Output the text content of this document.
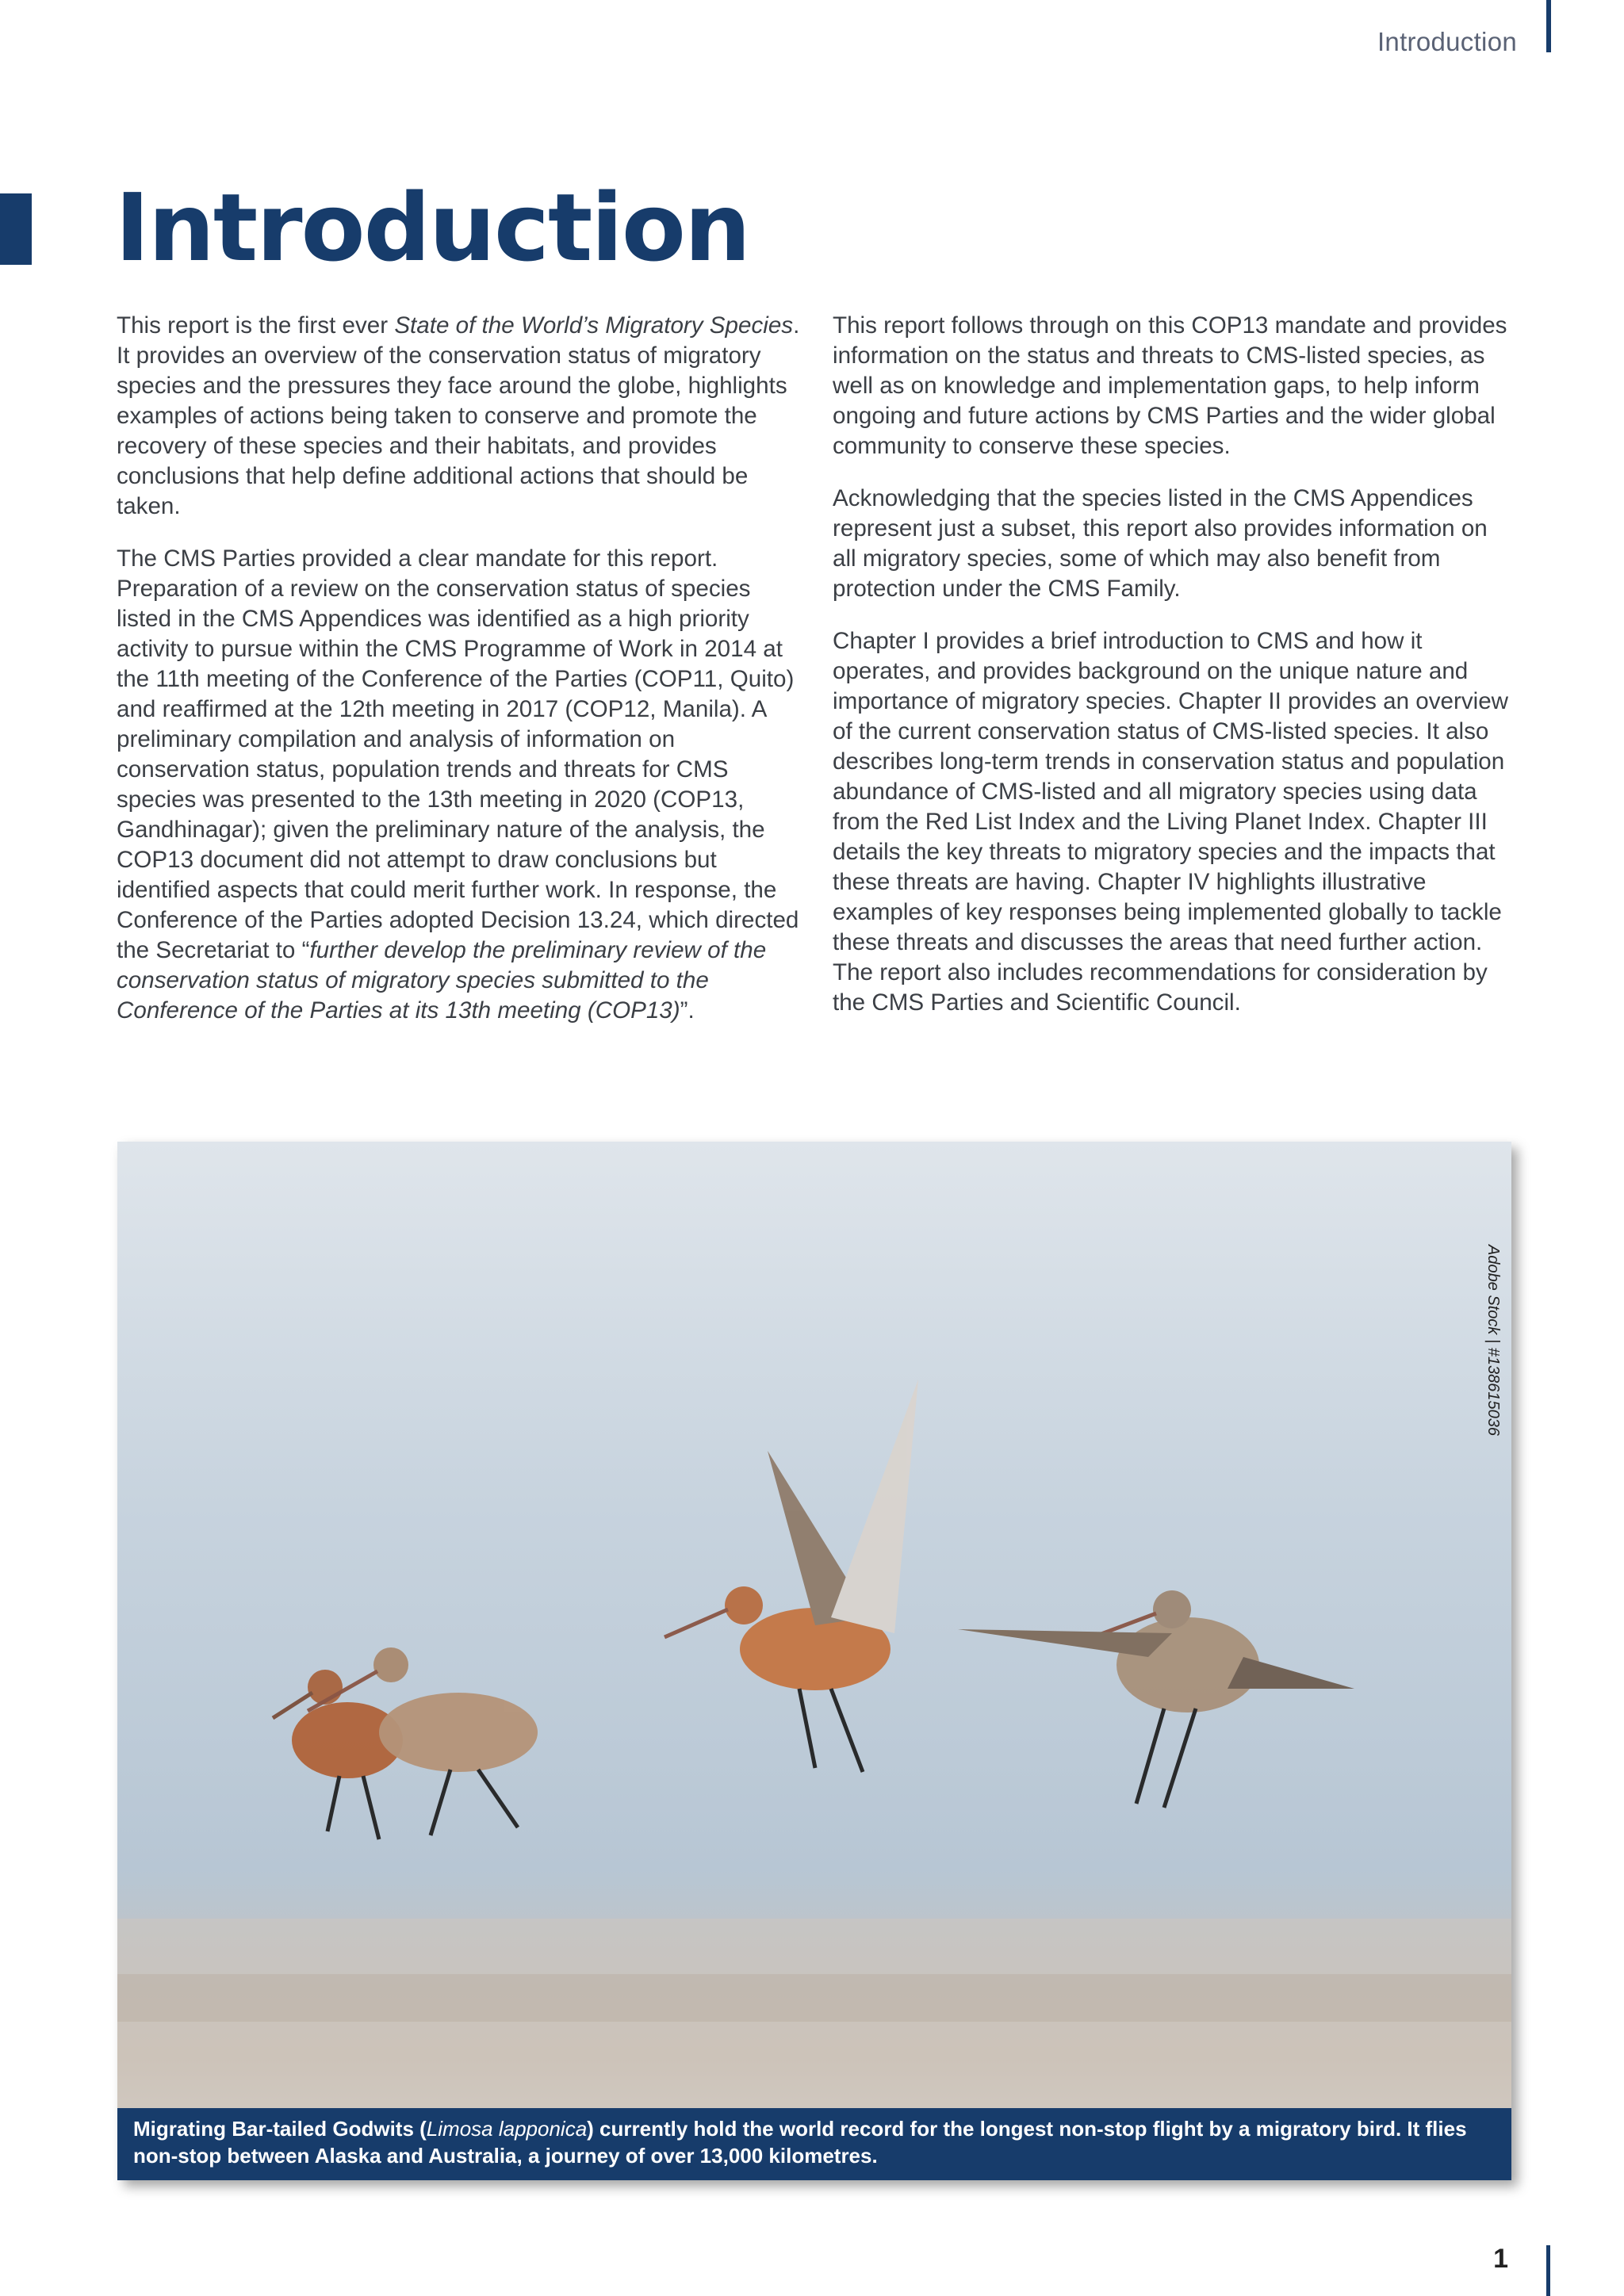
Introduction
Introduction

This report is the first ever State of the World’s Migratory Species. It provides an overview of the conservation status of migratory species and the pressures they face around the globe, highlights examples of actions being taken to conserve and promote the recovery of these species and their habitats, and provides conclusions that help define additional actions that should be taken.

The CMS Parties provided a clear mandate for this report. Preparation of a review on the conservation status of species listed in the CMS Appendices was identified as a high priority activity to pursue within the CMS Programme of Work in 2014 at the 11th meeting of the Conference of the Parties (COP11, Quito) and reaffirmed at the 12th meeting in 2017 (COP12, Manila). A preliminary compilation and analysis of information on conservation status, population trends and threats for CMS species was presented to the 13th meeting in 2020 (COP13, Gandhinagar); given the preliminary nature of the analysis, the COP13 document did not attempt to draw conclusions but identified aspects that could merit further work. In response, the Conference of the Parties adopted Decision 13.24, which directed the Secretariat to “further develop the preliminary review of the conservation status of migratory species submitted to the Conference of the Parties at its 13th meeting (COP13)”.

This report follows through on this COP13 mandate and provides information on the status and threats to CMS-listed species, as well as on knowledge and implementation gaps, to help inform ongoing and future actions by CMS Parties and the wider global community to conserve these species.

Acknowledging that the species listed in the CMS Appendices represent just a subset, this report also provides information on all migratory species, some of which may also benefit from protection under the CMS Family.

Chapter I provides a brief introduction to CMS and how it operates, and provides background on the unique nature and importance of migratory species. Chapter II provides an overview of the current conservation status of CMS-listed species. It also describes long-term trends in conservation status and population abundance of CMS-listed and all migratory species using data from the Red List Index and the Living Planet Index. Chapter III details the key threats to migratory species and the impacts that these threats are having. Chapter IV highlights illustrative examples of key responses being implemented globally to tackle these threats and discusses the areas that need further action. The report also includes recommendations for consideration by the CMS Parties and Scientific Council.

Adobe Stock | #138615036
Migrating Bar-tailed Godwits (Limosa lapponica) currently hold the world record for the longest non-stop flight by a migratory bird. It flies non-stop between Alaska and Australia, a journey of over 13,000 kilometres.
1
